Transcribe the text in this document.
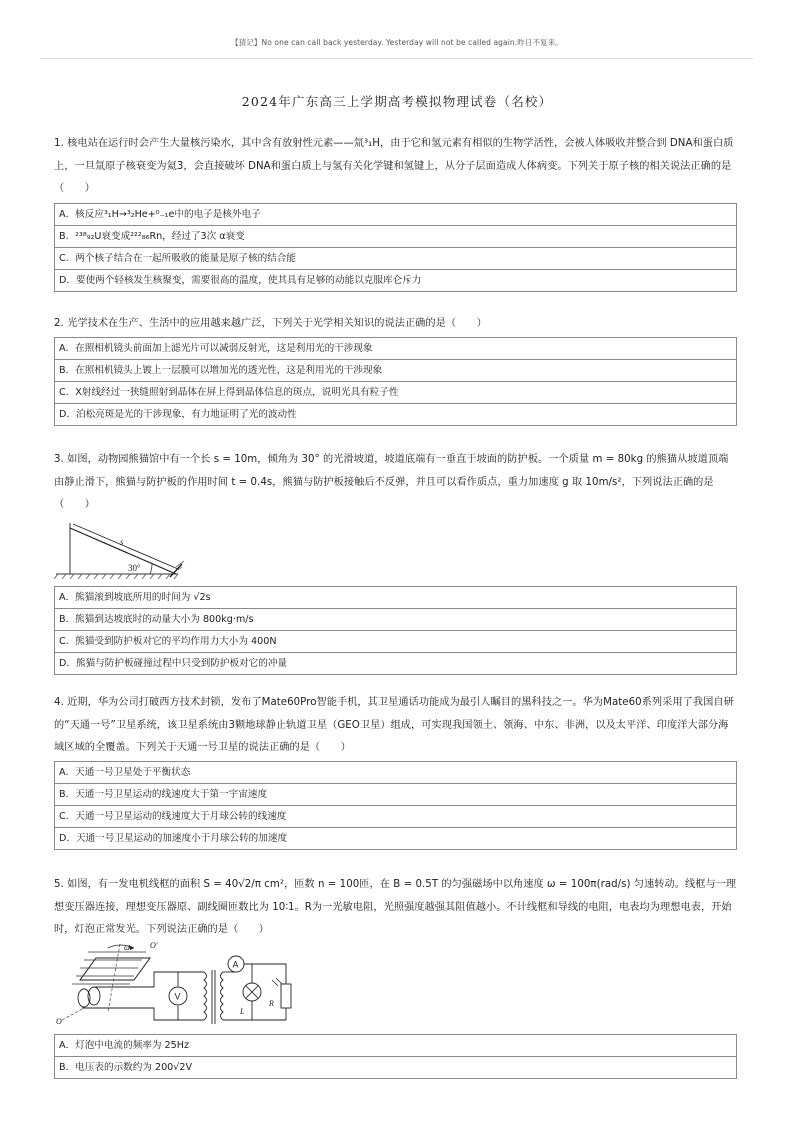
【猜记】No one can call back yesterday. Yesterday will not be called again.昨日不复来。
2024年广东高三上学期高考模拟物理试卷（名校）

1. 核电站在运行时会产生大量核污染水，其中含有放射性元素——氚³₁H，由于它和氢元素有相似的生物学活性，会被人体吸收并整合到 DNA和蛋白质上，一旦氚原子核衰变为氦3，会直接破坏 DNA和蛋白质上与氢有关化学键和氢键上，从分子层面造成人体病变。下列关于原子核的相关说法正确的是（　　）

A．核反应³₁H→³₂He+⁰₋₁e中的电子是核外电子
B．²³⁸₉₂U衰变成²²²₈₆Rn，经过了3次 α衰变
C．两个核子结合在一起所吸收的能量是原子核的结合能
D．要使两个轻核发生核聚变，需要很高的温度，使其具有足够的动能以克服库仑斥力

2. 光学技术在生产、生活中的应用越来越广泛，下列关于光学相关知识的说法正确的是（　　）

A．在照相机镜头前面加上滤光片可以减弱反射光，这是利用光的干涉现象
B．在照相机镜头上镀上一层膜可以增加光的透光性，这是利用光的干涉现象
C．X射线经过一狭缝照射到晶体在屏上得到晶体信息的斑点，说明光具有粒子性
D．泊松亮斑是光的干涉现象，有力地证明了光的波动性

3. 如图，动物园熊猫馆中有一个长 s = 10m，倾角为 30° 的光滑坡道，坡道底端有一垂直于坡面的防护板。一个质量 m = 80kg 的熊猫从坡道顶端由静止滑下，熊猫与防护板的作用时间 t = 0.4s，熊猫与防护板接触后不反弹，并且可以看作质点，重力加速度 g 取 10m/s²，下列说法正确的是（　　）

s
30°
A．熊猫滚到坡底所用的时间为 √2s
B．熊猫到达坡底时的动量大小为 800kg·m/s
C．熊猫受到防护板对它的平均作用力大小为 400N
D．熊猫与防护板碰撞过程中只受到防护板对它的冲量

4. 近期，华为公司打破西方技术封锁，发布了Mate60Pro智能手机，其卫星通话功能成为最引人瞩目的黑科技之一。华为Mate60系列采用了我国自研的“天通一号”卫星系统，该卫星系统由3颗地球静止轨道卫星（GEO卫星）组成，可实现我国领土、领海、中东、非洲，以及太平洋、印度洋大部分海域区域的全覆盖。下列关于天通一号卫星的说法正确的是（　　）

A．天通一号卫星处于平衡状态
B．天通一号卫星运动的线速度大于第一宇宙速度
C．天通一号卫星运动的线速度大于月球公转的线速度
D．天通一号卫星运动的加速度小于月球公转的加速度

5. 如图，有一发电机线框的面积 S = 40√2/π cm²，匝数 n = 100匝，在 B = 0.5T 的匀强磁场中以角速度 ω = 100π(rad/s) 匀速转动。线框与一理想变压器连接，理想变压器原、副线圈匝数比为 10∶1。R为一光敏电阻，光照强度越强其阻值越小。不计线框和导线的电阻，电表均为理想电表，开始时，灯泡正常发光。下列说法正确的是（　　）

ω	O′
O
V
A
L
R
A．灯泡中电流的频率为 25Hz
B．电压表的示数约为 200√2V
